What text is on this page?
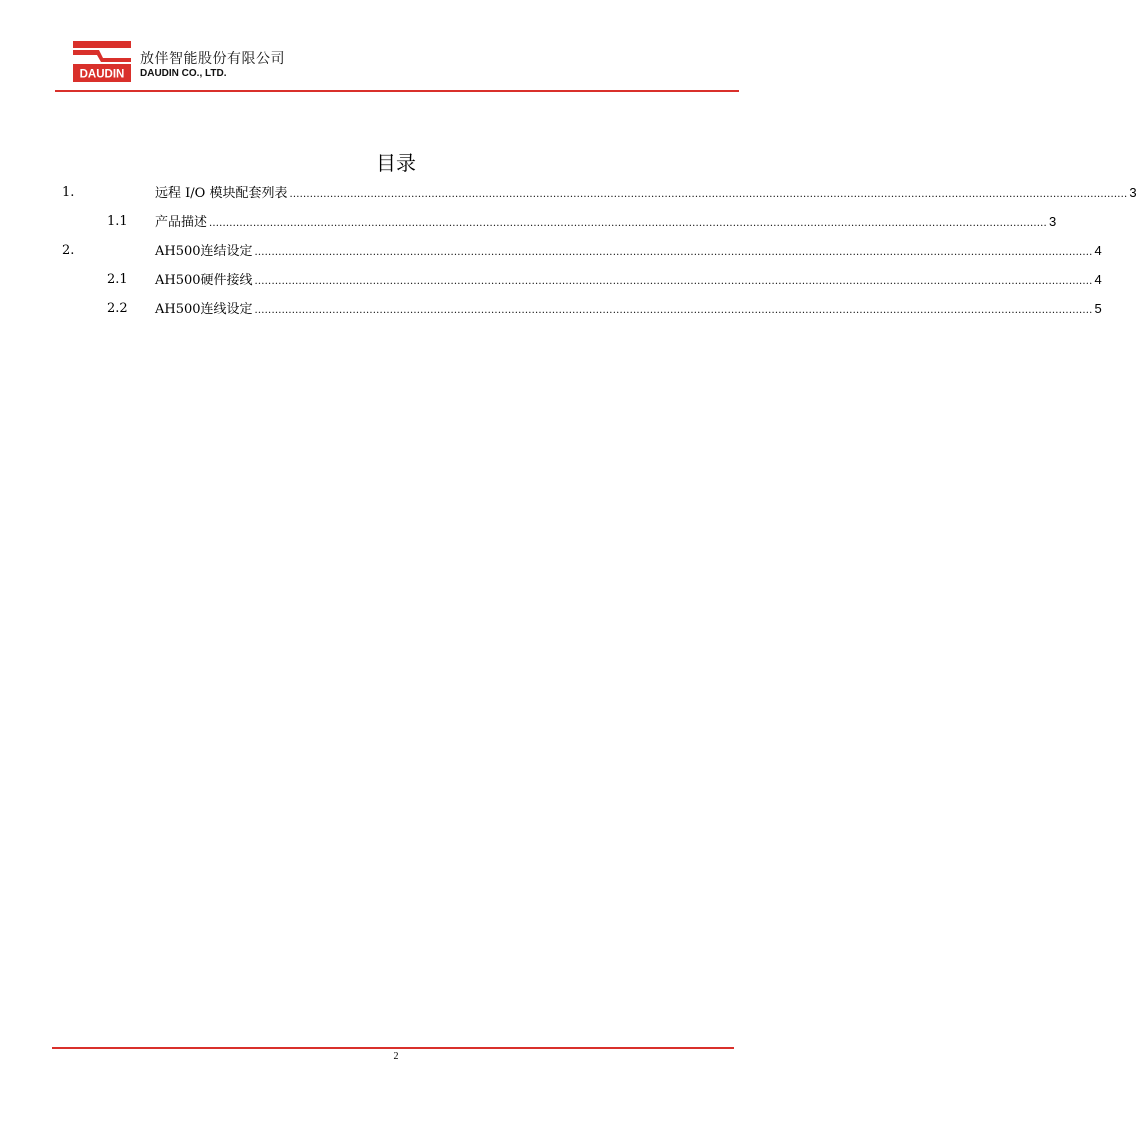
DAUDIN
放伴智能股份有限公司
DAUDIN CO., LTD.
目录
1.	远程 I/O 模块配套列表 ........................................................................................................................................................................................................................................................ 3
1.1 产品描述 ........................................................................................................................................................................................................................................................ 3
2.	AH500连结设定 ........................................................................................................................................................................................................................................................ 4
2.1 AH500硬件接线 ........................................................................................................................................................................................................................................................ 4
2.2 AH500连线设定 ........................................................................................................................................................................................................................................................ 5
2
